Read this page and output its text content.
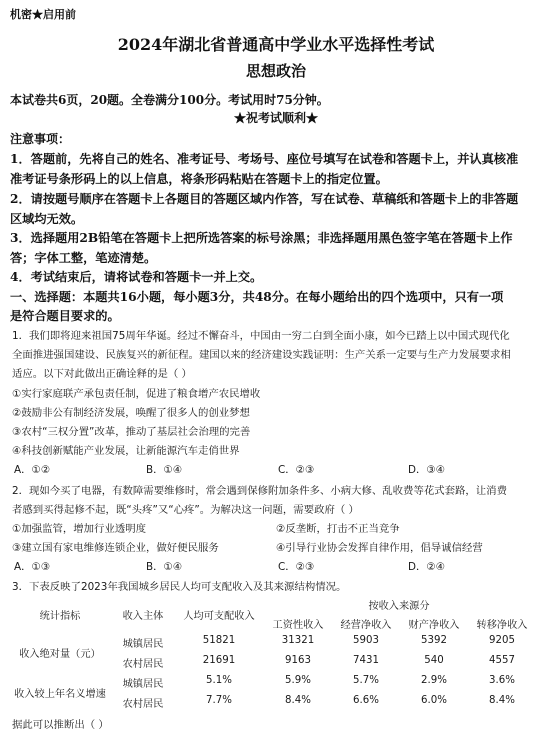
机密★启用前
2024年湖北省普通高中学业水平选择性考试
思想政治
本试卷共6页，20题。全卷满分100分。考试用时75分钟。
★祝考试顺利★
注意事项：
1．答题前，先将自己的姓名、准考证号、考场号、座位号填写在试卷和答题卡上，并认真核准
准考证号条形码上的以上信息，将条形码粘贴在答题卡上的指定位置。
2．请按题号顺序在答题卡上各题目的答题区域内作答，写在试卷、草稿纸和答题卡上的非答题
区域均无效。
3．选择题用2B铅笔在答题卡上把所选答案的标号涂黑；非选择题用黑色签字笔在答题卡上作
答；字体工整，笔迹清楚。
4．考试结束后，请将试卷和答题卡一并上交。
一、选择题：本题共16小题，每小题3分，共48分。在每小题给出的四个选项中，只有一项
是符合题目要求的。
1．我们即将迎来祖国75周年华诞。经过不懈奋斗，中国由一穷二白到全面小康，如今已踏上以中国式现代化
全面推进强国建设、民族复兴的新征程。建国以来的经济建设实践证明：生产关系一定要与生产力发展要求相
适应。以下对此做出正确诠释的是（ ）
①实行家庭联产承包责任制，促进了粮食增产农民增收
②鼓励非公有制经济发展，唤醒了很多人的创业梦想
③农村“三权分置”改革，推动了基层社会治理的完善
④科技创新赋能产业发展，让新能源汽车走俏世界
A．①②	B．①④	C．②③	D．③④
2．现如今买了电器，有数障需要维修时，常会遇到保修附加条件多、小病大修、乱收费等花式套路，让消费
者感到买得起修不起，既“头疼”又“心疼”。为解决这一问题，需要政府（ ）
①加强监管，增加行业透明度	②反垄断，打击不正当竞争
③建立国有家电维修连锁企业，做好便民服务	④引导行业协会发挥自律作用，倡导诚信经营
A．①③	B．①④	C．②③	D．②④
3．下表反映了2023年我国城乡居民人均可支配收入及其来源结构情况。
统计指标	收入主体	人均可支配收入
按收入来源分
工资性收入	经营净收入	财产净收入	转移净收入
收入绝对量（元）
城镇居民	51821	31321	5903	5392	9205
农村居民	21691	9163	7431	540	4557
收入较上年名义增速
城镇居民	5.1%	5.9%	5.7%	2.9%	3.6%
农村居民	7.7%	8.4%	6.6%	6.0%	8.4%
据此可以推断出（ ）
